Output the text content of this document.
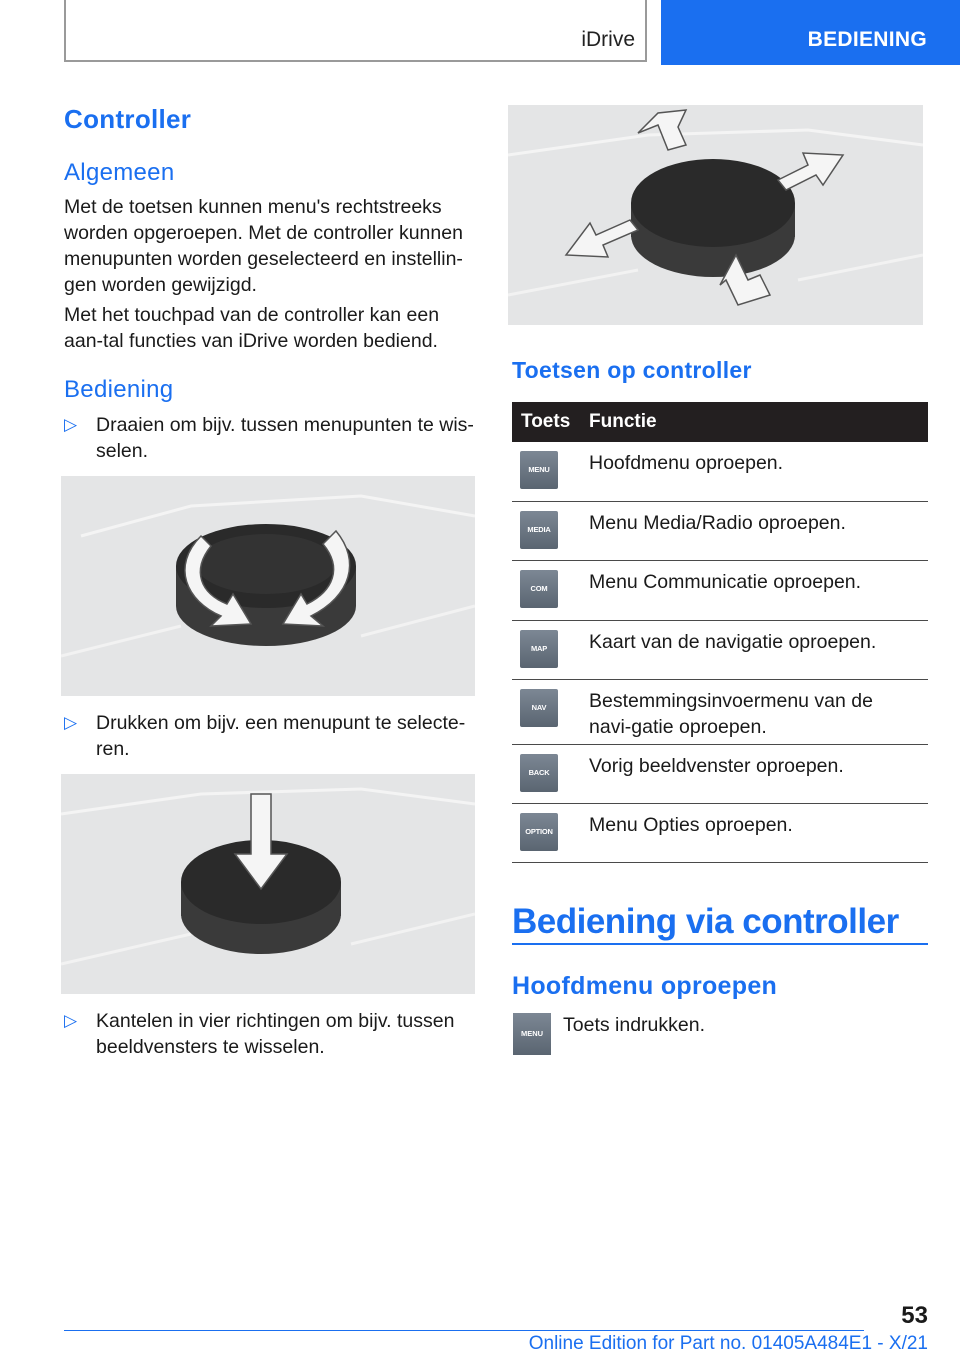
iDrive	BEDIENING
Controller
Algemeen

Met de toetsen kunnen menu's rechtstreeks worden opgeroepen. Met de controller kunnen menupunten worden geselecteerd en instellin-gen worden gewijzigd.

Met het touchpad van de controller kan een aan-tal functies van iDrive worden bediend.

Bediening
▷ Draaien om bijv. tussen menupunten te wis-selen.
▷ Drukken om bijv. een menupunt te selecte-ren.
▷ Kantelen in vier richtingen om bijv. tussen beeldvensters te wisselen.
Toetsen op controller
Toets Functie
MENU	Hoofdmenu oproepen.
MEDIA	Menu Media/Radio oproepen.
COM	Menu Communicatie oproepen.
MAP	Kaart van de navigatie oproepen.
NAV	Bestemmingsinvoermenu van de navi-gatie oproepen.
BACK	Vorig beeldvenster oproepen.
OPTION Menu Opties oproepen.
Bediening via controller
Hoofdmenu oproepen
MENU	Toets indrukken.

53
Online Edition for Part no. 01405A484E1 - X/21
